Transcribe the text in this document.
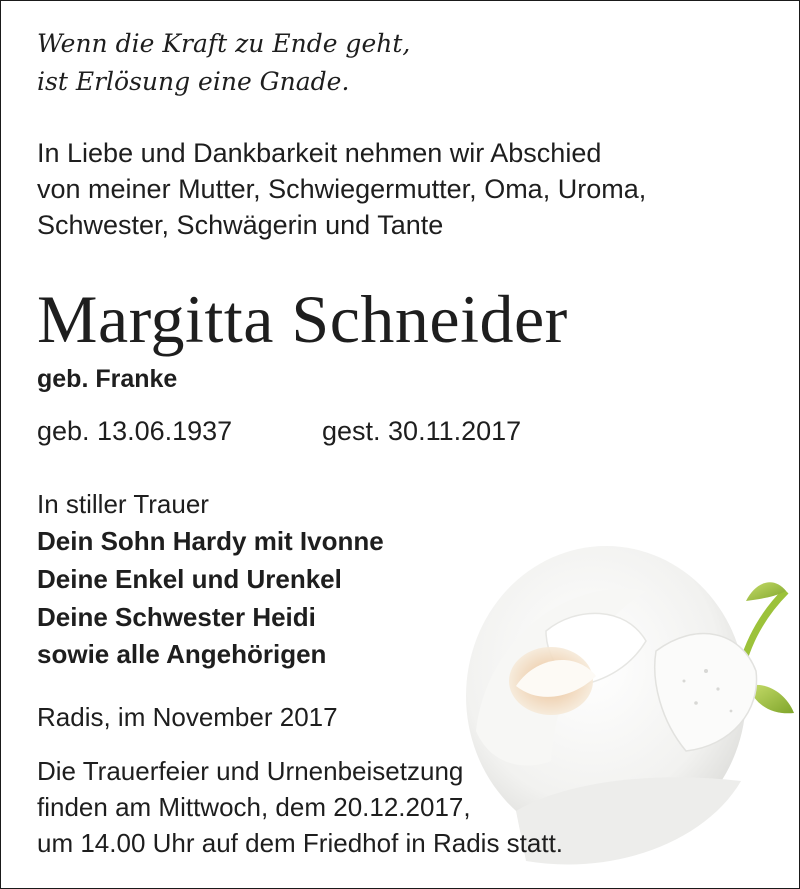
Wenn die Kraft zu Ende geht,
ist Erlösung eine Gnade.
In Liebe und Dankbarkeit nehmen wir Abschied
von meiner Mutter, Schwiegermutter, Oma, Uroma,
Schwester, Schwägerin und Tante
Margitta Schneider
geb. Franke
geb. 13.06.1937	gest. 30.11.2017
In stiller Trauer
Dein Sohn Hardy mit Ivonne
Deine Enkel und Urenkel
Deine Schwester Heidi
sowie alle Angehörigen
Radis, im November 2017
Die Trauerfeier und Urnenbeisetzung
finden am Mittwoch, dem 20.12.2017,
um 14.00 Uhr auf dem Friedhof in Radis statt.
